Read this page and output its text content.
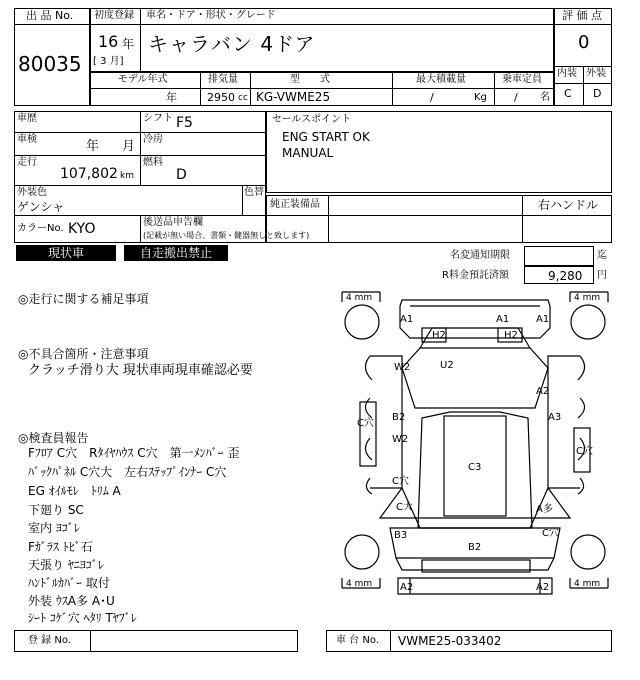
出 品 No.
80035
初度登録 車名・ドア・形状・グレード
16 年
[ 3 月]
キャラバン 4ドア
評 価 点
0
内装 外装
C D
モデル年式
年
排気量
2950 cc
型　　式
KG-VWME25
最大積載量
/	Kg
乗車定員
/ 名
車歴	シフト F5
車検	年 月 冷房
走行
107,802 km
燃料
D
外装色
ゲンシャ
色替
カラーNo. KYO	後送品申告欄
(記載が無い場合、書類・鍵器無しと致します)
セールスポイント
ENG START OK
MANUAL
純正装備品	右ハンドル
現状車	自走搬出禁止	名変通知期限	迄
R料金預託済額	9,280 円
◎走行に関する補足事項
◎不具合箇所・注意事項
クラッチ滑り大 現状車両現車確認必要
◎検査員報告
Fﾌﾛｱ C穴　Rﾀｲﾔﾊｳｽ C穴　第一ﾒﾝﾊﾞｰ 歪
ﾊﾞｯｸﾊﾟﾈﾙ C穴大　左右ｽﾃｯﾌﾟｲﾝﾅｰ C穴
EG ｵｲﾙﾓﾚ　ﾄﾘﾑ A
下廻り SC
室内 ﾖｺﾞﾚ
Fｶﾞﾗｽ ﾄﾋﾞ石
天張り ﾔﾆﾖｺﾞﾚ
ﾊﾝﾄﾞﾙｶﾊﾞｰ 取付
外装 ｳｽA多 A･U
ｼｰﾄ ｺｹﾞ穴 ﾍﾀﾘ Tﾔﾌﾞﾚ
4 mm	4 mm
4 mm	4 mm
A1	A1	A1
H2	H2
W2	U2
A2
C穴
B2
W2
A3
C穴
C穴
C3
C大	A多
B3	C穴
B2
A2	A2
登 録 No.	車 台 No. VWME25-033402
